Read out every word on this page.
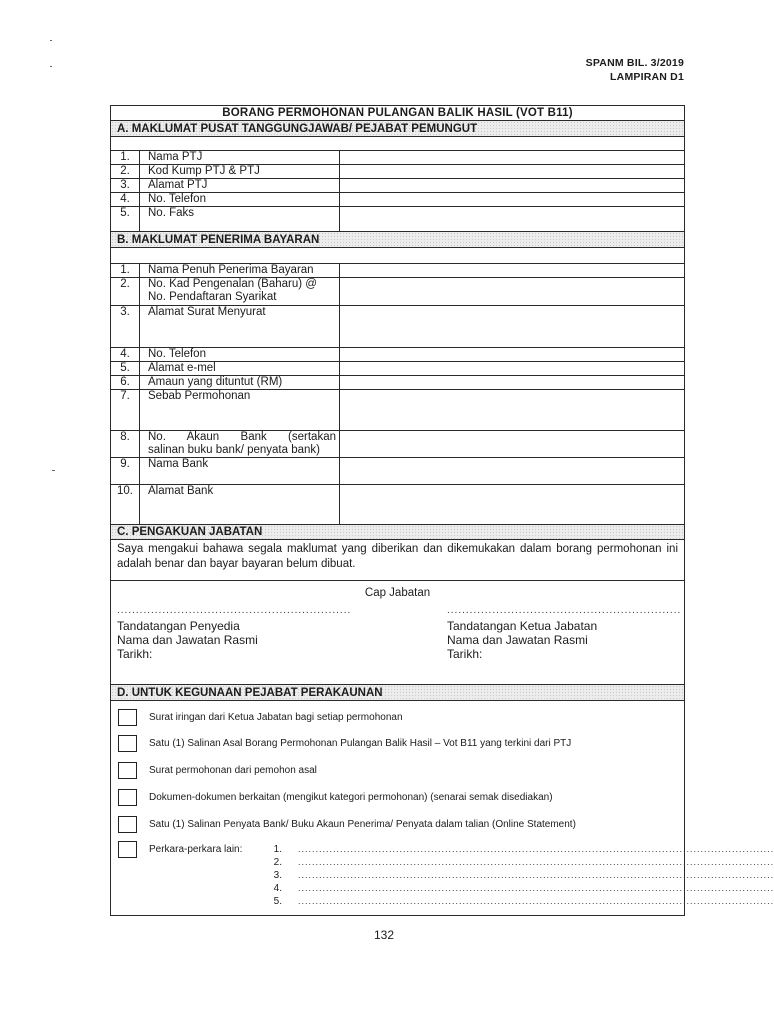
SPANM BIL. 3/2019
LAMPIRAN D1
BORANG PERMOHONAN PULANGAN BALIK HASIL (VOT B11)
A. MAKLUMAT PUSAT TANGGUNGJAWAB/ PEJABAT PEMUNGUT
1.	Nama PTJ
2.	Kod Kump PTJ & PTJ
3.	Alamat PTJ
4.	No. Telefon
5.	No. Faks
B. MAKLUMAT PENERIMA BAYARAN
1.	Nama Penuh Penerima Bayaran
2.	No. Kad Pengenalan (Baharu) @
No. Pendaftaran Syarikat
3.	Alamat Surat Menyurat
4.	No. Telefon
5.	Alamat e-mel
6.	Amaun yang dituntut (RM)
7.	Sebab Permohonan
8.	No. Akaun Bank (sertakan
salinan buku bank/ penyata bank)
9.	Nama Bank
10.	Alamat Bank
C. PENGAKUAN JABATAN
Saya mengakui bahawa segala maklumat yang diberikan dan dikemukakan dalam borang permohonan ini adalah benar dan bayar bayaran belum dibuat.
Cap Jabatan
..............................................................	..............................................................
Tandatangan Penyedia
Nama dan Jawatan Rasmi
Tarikh:
Tandatangan Ketua Jabatan
Nama dan Jawatan Rasmi
Tarikh:
D. UNTUK KEGUNAAN PEJABAT PERAKAUNAN
Surat iringan dari Ketua Jabatan bagi setiap permohonan
Satu (1) Salinan Asal Borang Permohonan Pulangan Balik Hasil – Vot B11 yang terkini dari PTJ
Surat permohonan dari pemohon asal
Dokumen-dokumen berkaitan (mengikut kategori permohonan) (senarai semak disediakan)
Satu (1) Salinan Penyata Bank/ Buku Akaun Penerima/ Penyata dalam talian (Online Statement)
Perkara-perkara lain:	1. ........................................................................................................................................
2. ........................................................................................................................................
3. ........................................................................................................................................
4. ........................................................................................................................................
5. ........................................................................................................................................
132
